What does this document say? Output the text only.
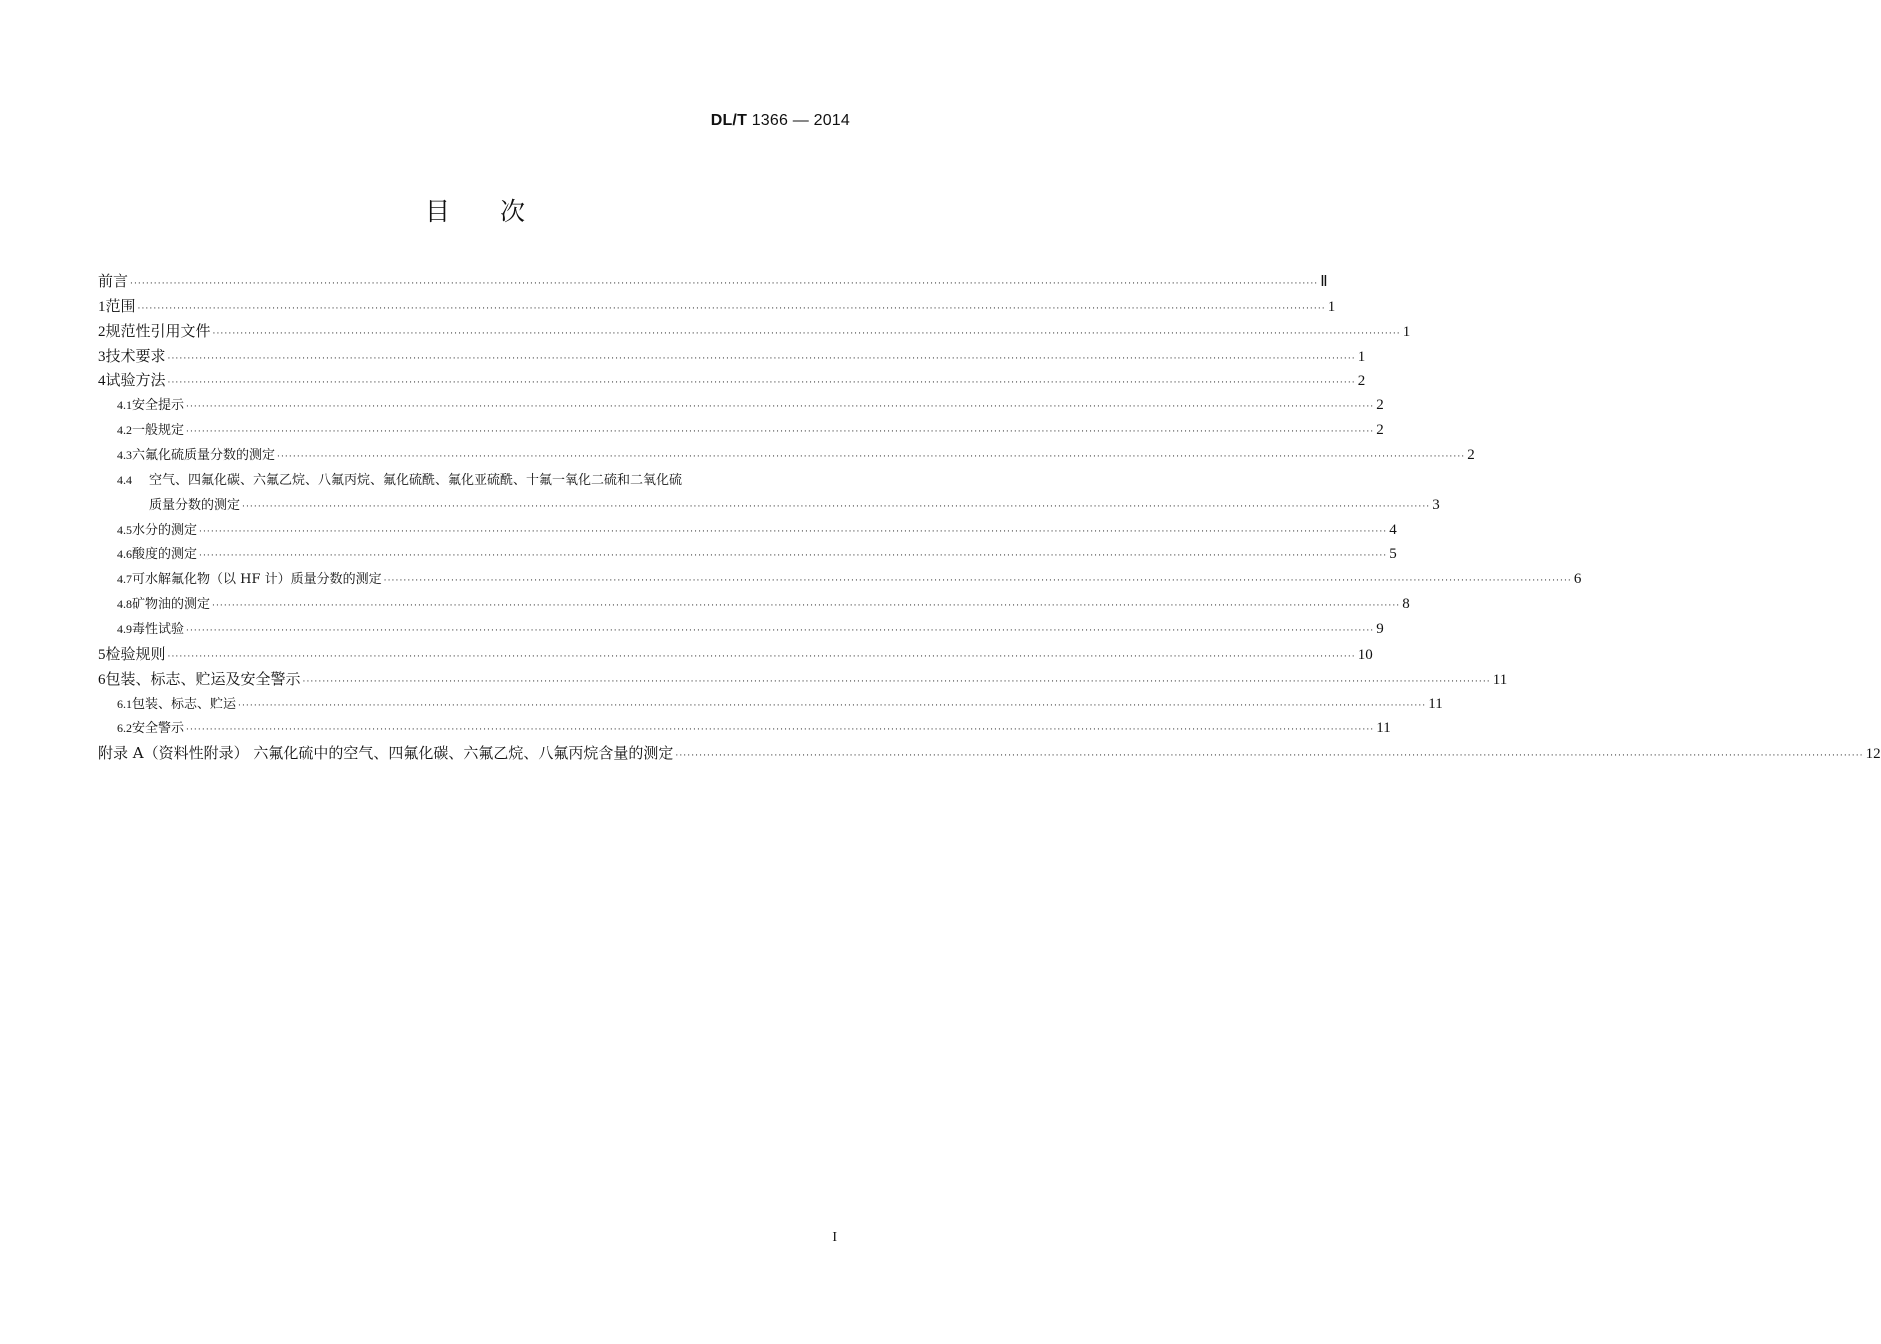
DL/T 1366 — 2014
目次
前言 ············································································································································································································································································································ Ⅱ
1 范围 ············································································································································································································································································································ 1
2 规范性引用文件 ············································································································································································································································································································ 1
3 技术要求 ············································································································································································································································································································ 1
4 试验方法 ············································································································································································································································································································ 2
4.1 安全提示 ············································································································································································································································································································ 2
4.2 一般规定 ············································································································································································································································································································ 2
4.3 六氟化硫质量分数的测定 ············································································································································································································································································································ 2
4.4	空气、四氟化碳、六氟乙烷、八氟丙烷、氟化硫酰、氟化亚硫酰、十氟一氧化二硫和二氧化硫
质量分数的测定 ············································································································································································································································································································ 3
4.5 水分的测定 ············································································································································································································································································································ 4
4.6 酸度的测定 ············································································································································································································································································································ 5
4.7 可水解氟化物（以 HF 计）质量分数的测定 ············································································································································································································································································································ 6
4.8 矿物油的测定 ············································································································································································································································································································ 8
4.9 毒性试验 ············································································································································································································································································································ 9
5 检验规则 ············································································································································································································································································································ 10
6 包装、标志、贮运及安全警示 ············································································································································································································································································································ 11
6.1 包装、标志、贮运 ············································································································································································································································································································ 11
6.2 安全警示 ············································································································································································································································································································ 11
附录 A（资料性附录） 六氟化硫中的空气、四氟化碳、六氟乙烷、八氟丙烷含量的测定 ············································································································································································································································································································ 12
I
